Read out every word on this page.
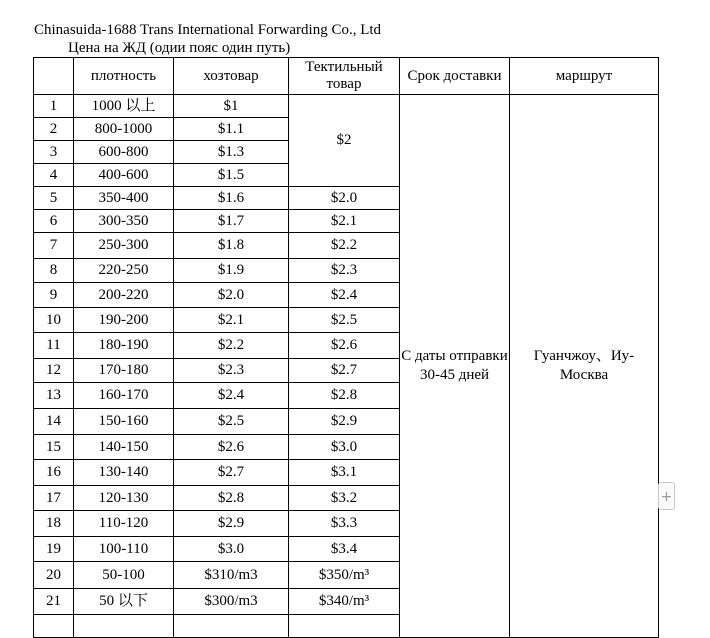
Chinasuida-1688 Trans International Forwarding Co., Ltd
Цена на ЖД (одии пояс один путь)
	плотность	хозтовар	Тектильный товар	Срок доставки	маршрут
1	1000 以上	$1	$2	С даты отправки 30-45 дней	Гуанчжоу、Иу-Москва
2	800-1000	$1.1			
3	600-800	$1.3			
4	400-600	$1.5			
5	350-400	$1.6	$2.0		
6	300-350	$1.7	$2.1		
7	250-300	$1.8	$2.2		
8	220-250	$1.9	$2.3		
9	200-220	$2.0	$2.4		
10	190-200	$2.1	$2.5		
11	180-190	$2.2	$2.6		
12	170-180	$2.3	$2.7		
13	160-170	$2.4	$2.8		
14	150-160	$2.5	$2.9		
15	140-150	$2.6	$3.0		
16	130-140	$2.7	$3.1		
17	120-130	$2.8	$3.2		
18	110-120	$2.9	$3.3		
19	100-110	$3.0	$3.4		
20	50-100	$310/m3	$350/m³		
21	50 以下	$300/m3	$340/m³		

+
